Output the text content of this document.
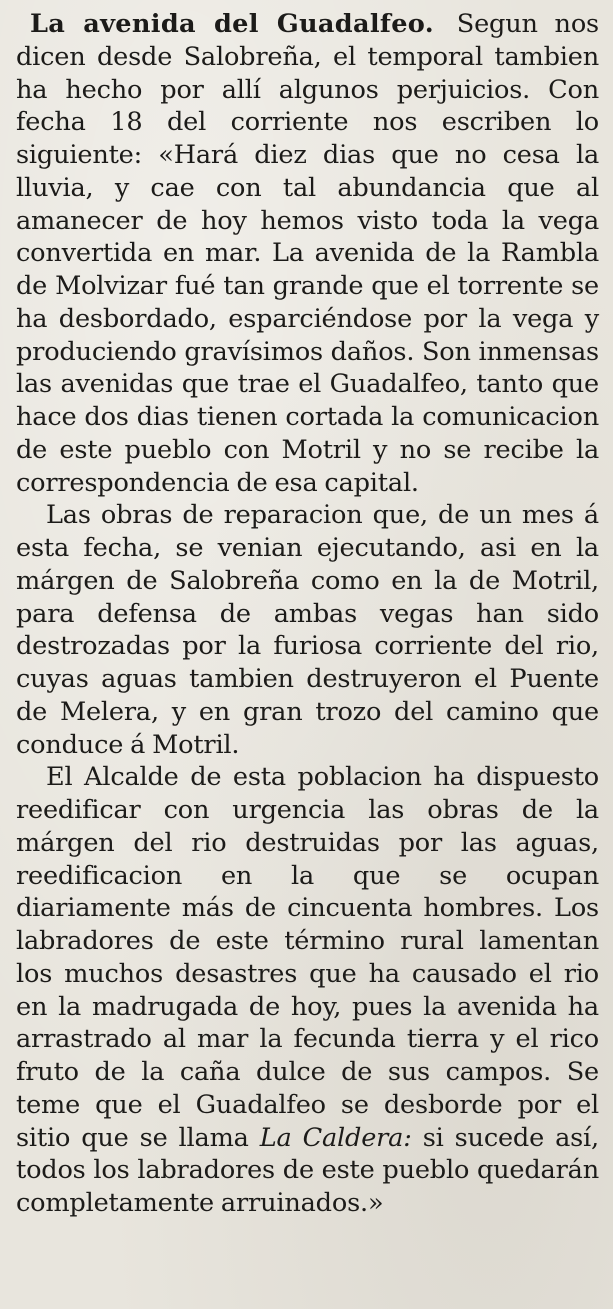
La avenida del Guadalfeo. Segun nos dicen desde Salobreña, el temporal tambien ha hecho por allí algunos perjuicios. Con fecha 18 del corriente nos escriben lo siguiente: «Hará diez dias que no cesa la lluvia, y cae con tal abundancia que al amanecer de hoy hemos visto toda la vega convertida en mar. La avenida de la Rambla de Molvizar fué tan grande que el torrente se ha desbordado, esparciéndose por la vega y produciendo gravísimos daños. Son inmensas las avenidas que trae el Guadalfeo, tanto que hace dos dias tienen cortada la comunicacion de este pueblo con Motril y no se recibe la correspondencia de esa capital.

Las obras de reparacion que, de un mes á esta fecha, se venian ejecutando, asi en la márgen de Salobreña como en la de Motril, para defensa de ambas vegas han sido destrozadas por la furiosa corriente del rio, cuyas aguas tambien destruyeron el Puente de Melera, y en gran trozo del camino que conduce á Motril.

El Alcalde de esta poblacion ha dispuesto reedificar con urgencia las obras de la márgen del rio destruidas por las aguas, reedificacion en la que se ocupan diariamente más de cincuenta hombres. Los labradores de este término rural lamentan los muchos desastres que ha causado el rio en la madrugada de hoy, pues la avenida ha arrastrado al mar la fecunda tierra y el rico fruto de la caña dulce de sus campos. Se teme que el Guadalfeo se desborde por el sitio que se llama La Caldera: si sucede así, todos los labradores de este pueblo quedarán completamente arruinados.»
